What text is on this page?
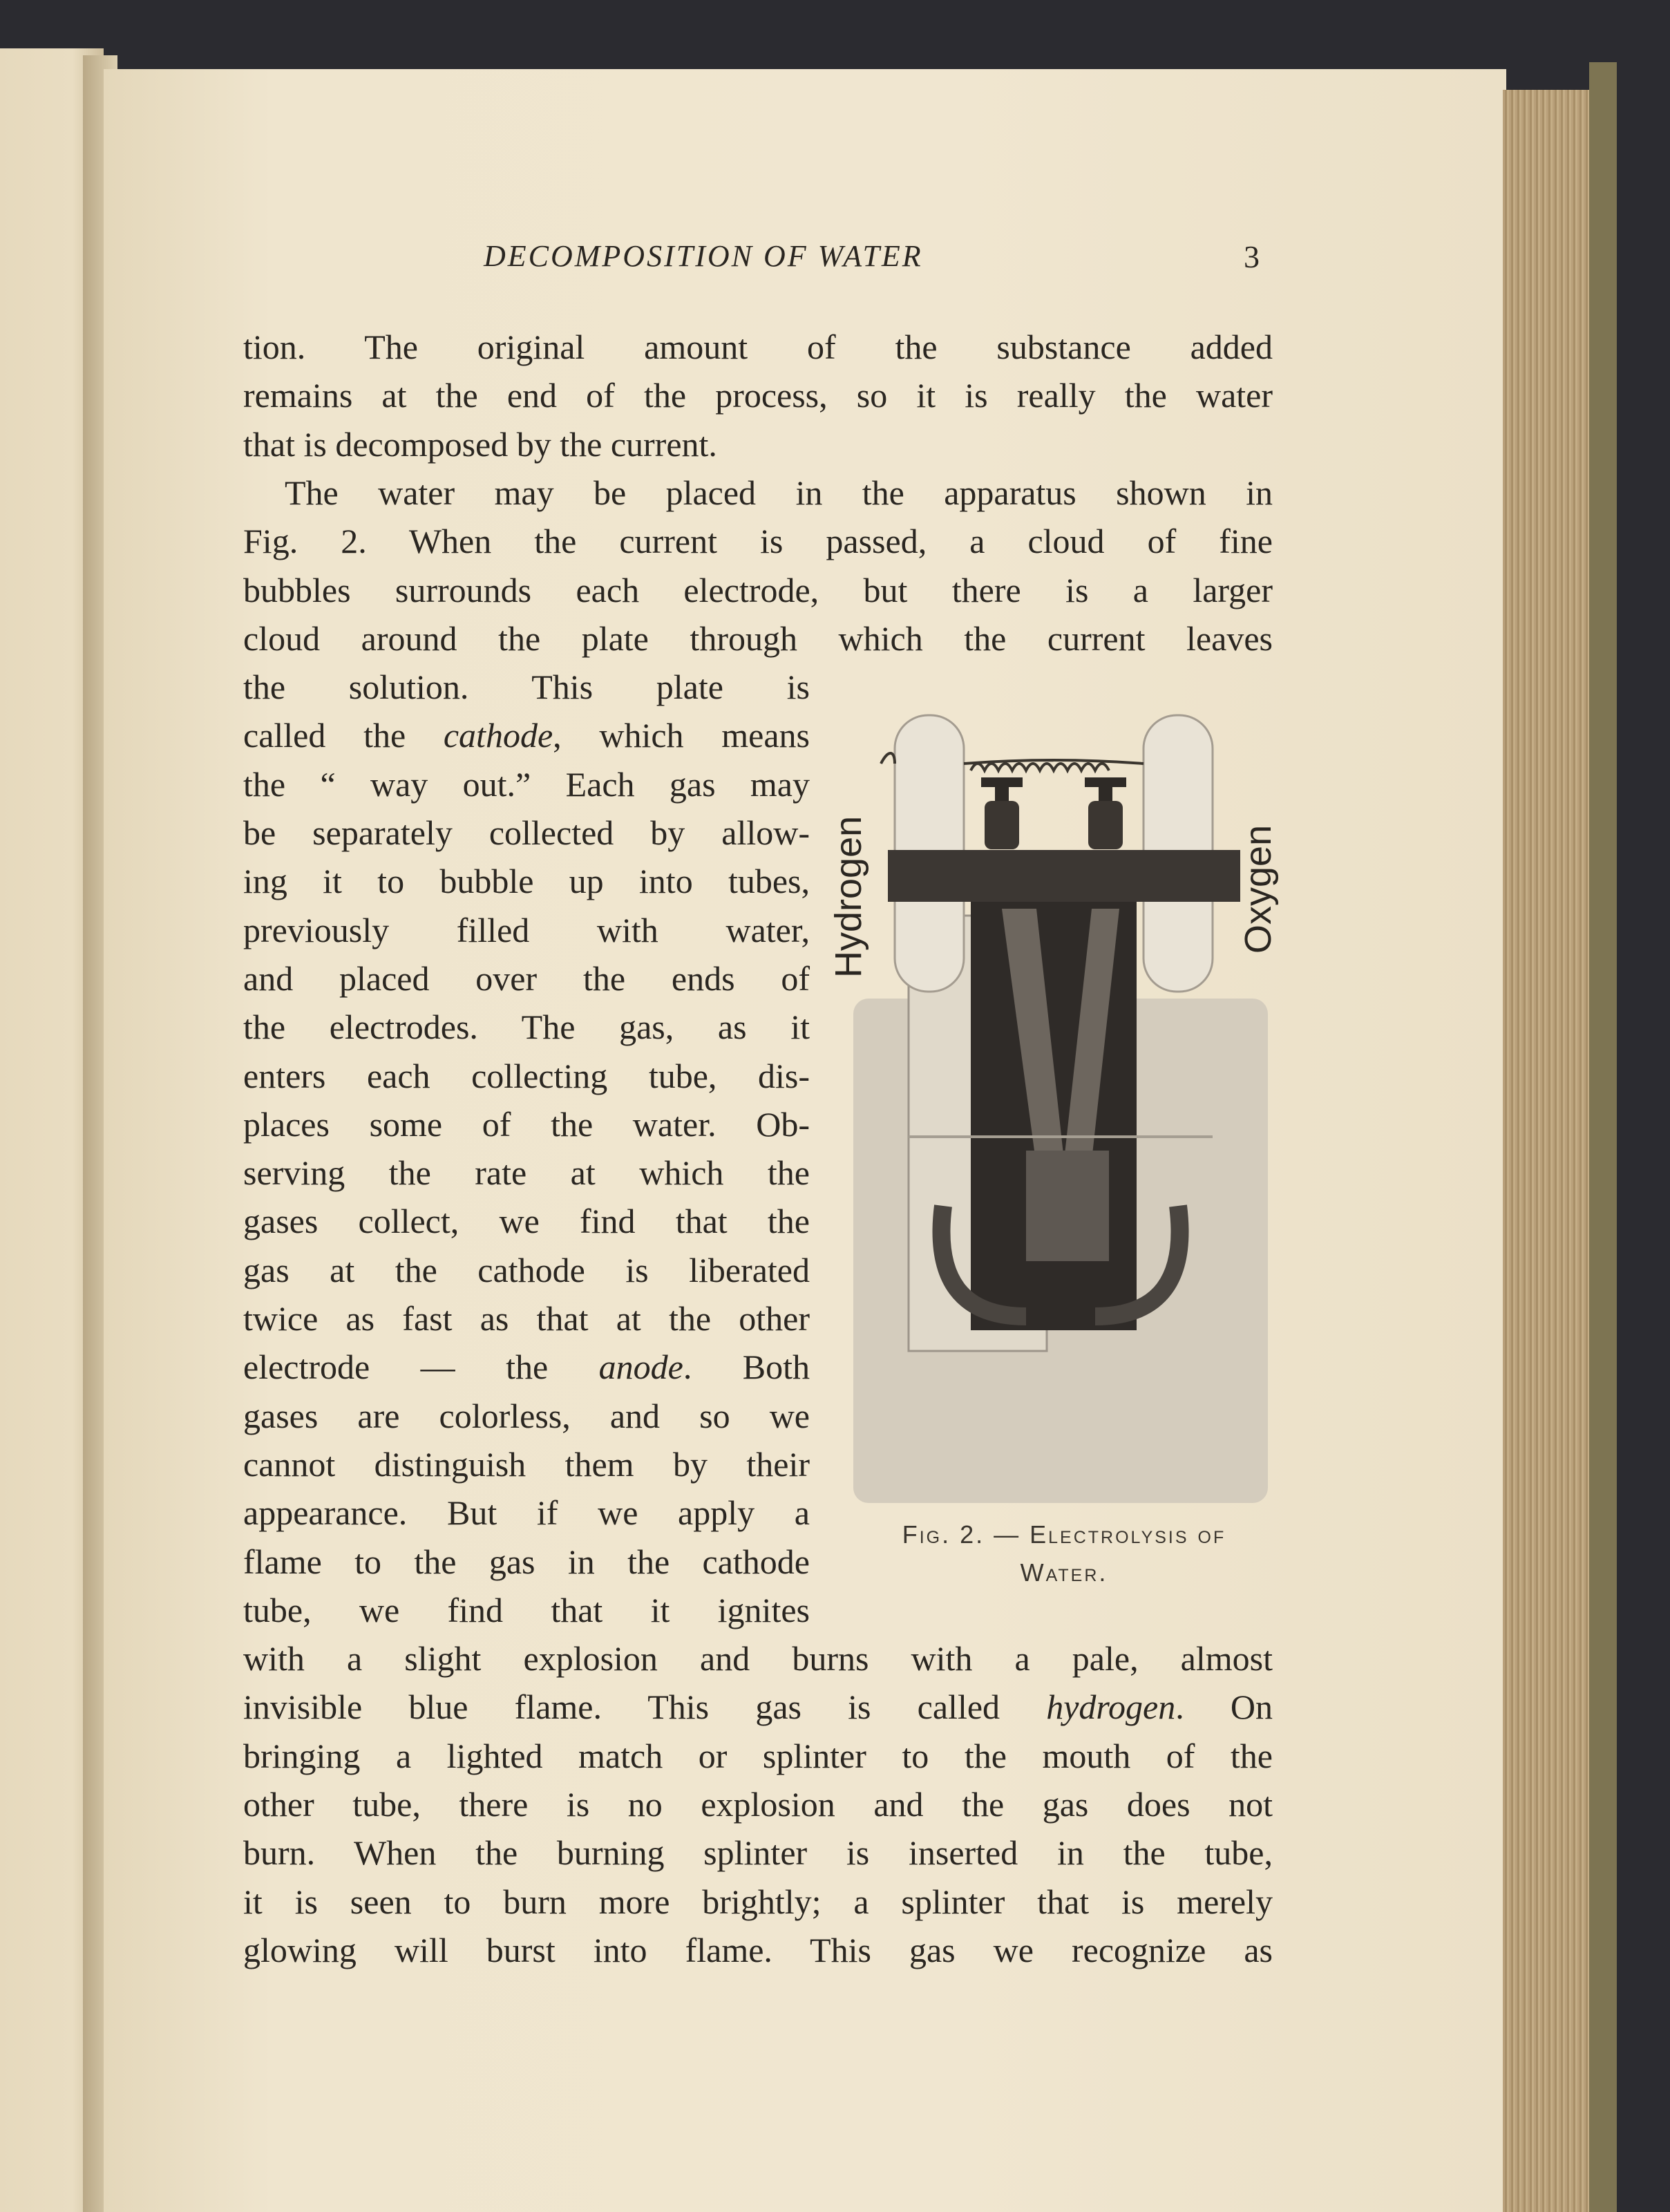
DECOMPOSITION OF WATER	3
tion. The original amount of the substance added
remains at the end of the process, so it is really the water
that is decomposed by the current.
The water may be placed in the apparatus shown in
Fig. 2. When the current is passed, a cloud of fine
bubbles surrounds each electrode, but there is a larger
cloud around the plate through which the current leaves
the solution. This plate is
called the cathode, which means
the “ way out.” Each gas may
be separately collected by allow-
ing it to bubble up into tubes,
previously filled with water,
and placed over the ends of
the electrodes. The gas, as it
enters each collecting tube, dis-
places some of the water. Ob-
serving the rate at which the
gases collect, we find that the
gas at the cathode is liberated
twice as fast as that at the other
electrode — the anode. Both
gases are colorless, and so we
cannot distinguish them by their
appearance. But if we apply a
flame to the gas in the cathode
tube, we find that it ignites
with a slight explosion and burns with a pale, almost
invisible blue flame. This gas is called hydrogen. On
bringing a lighted match or splinter to the mouth of the
other tube, there is no explosion and the gas does not
burn. When the burning splinter is inserted in the tube,
it is seen to burn more brightly; a splinter that is merely
glowing will burst into flame. This gas we recognize as
Hydrogen	Oxygen
Fig. 2. — Electrolysis of
Water.
